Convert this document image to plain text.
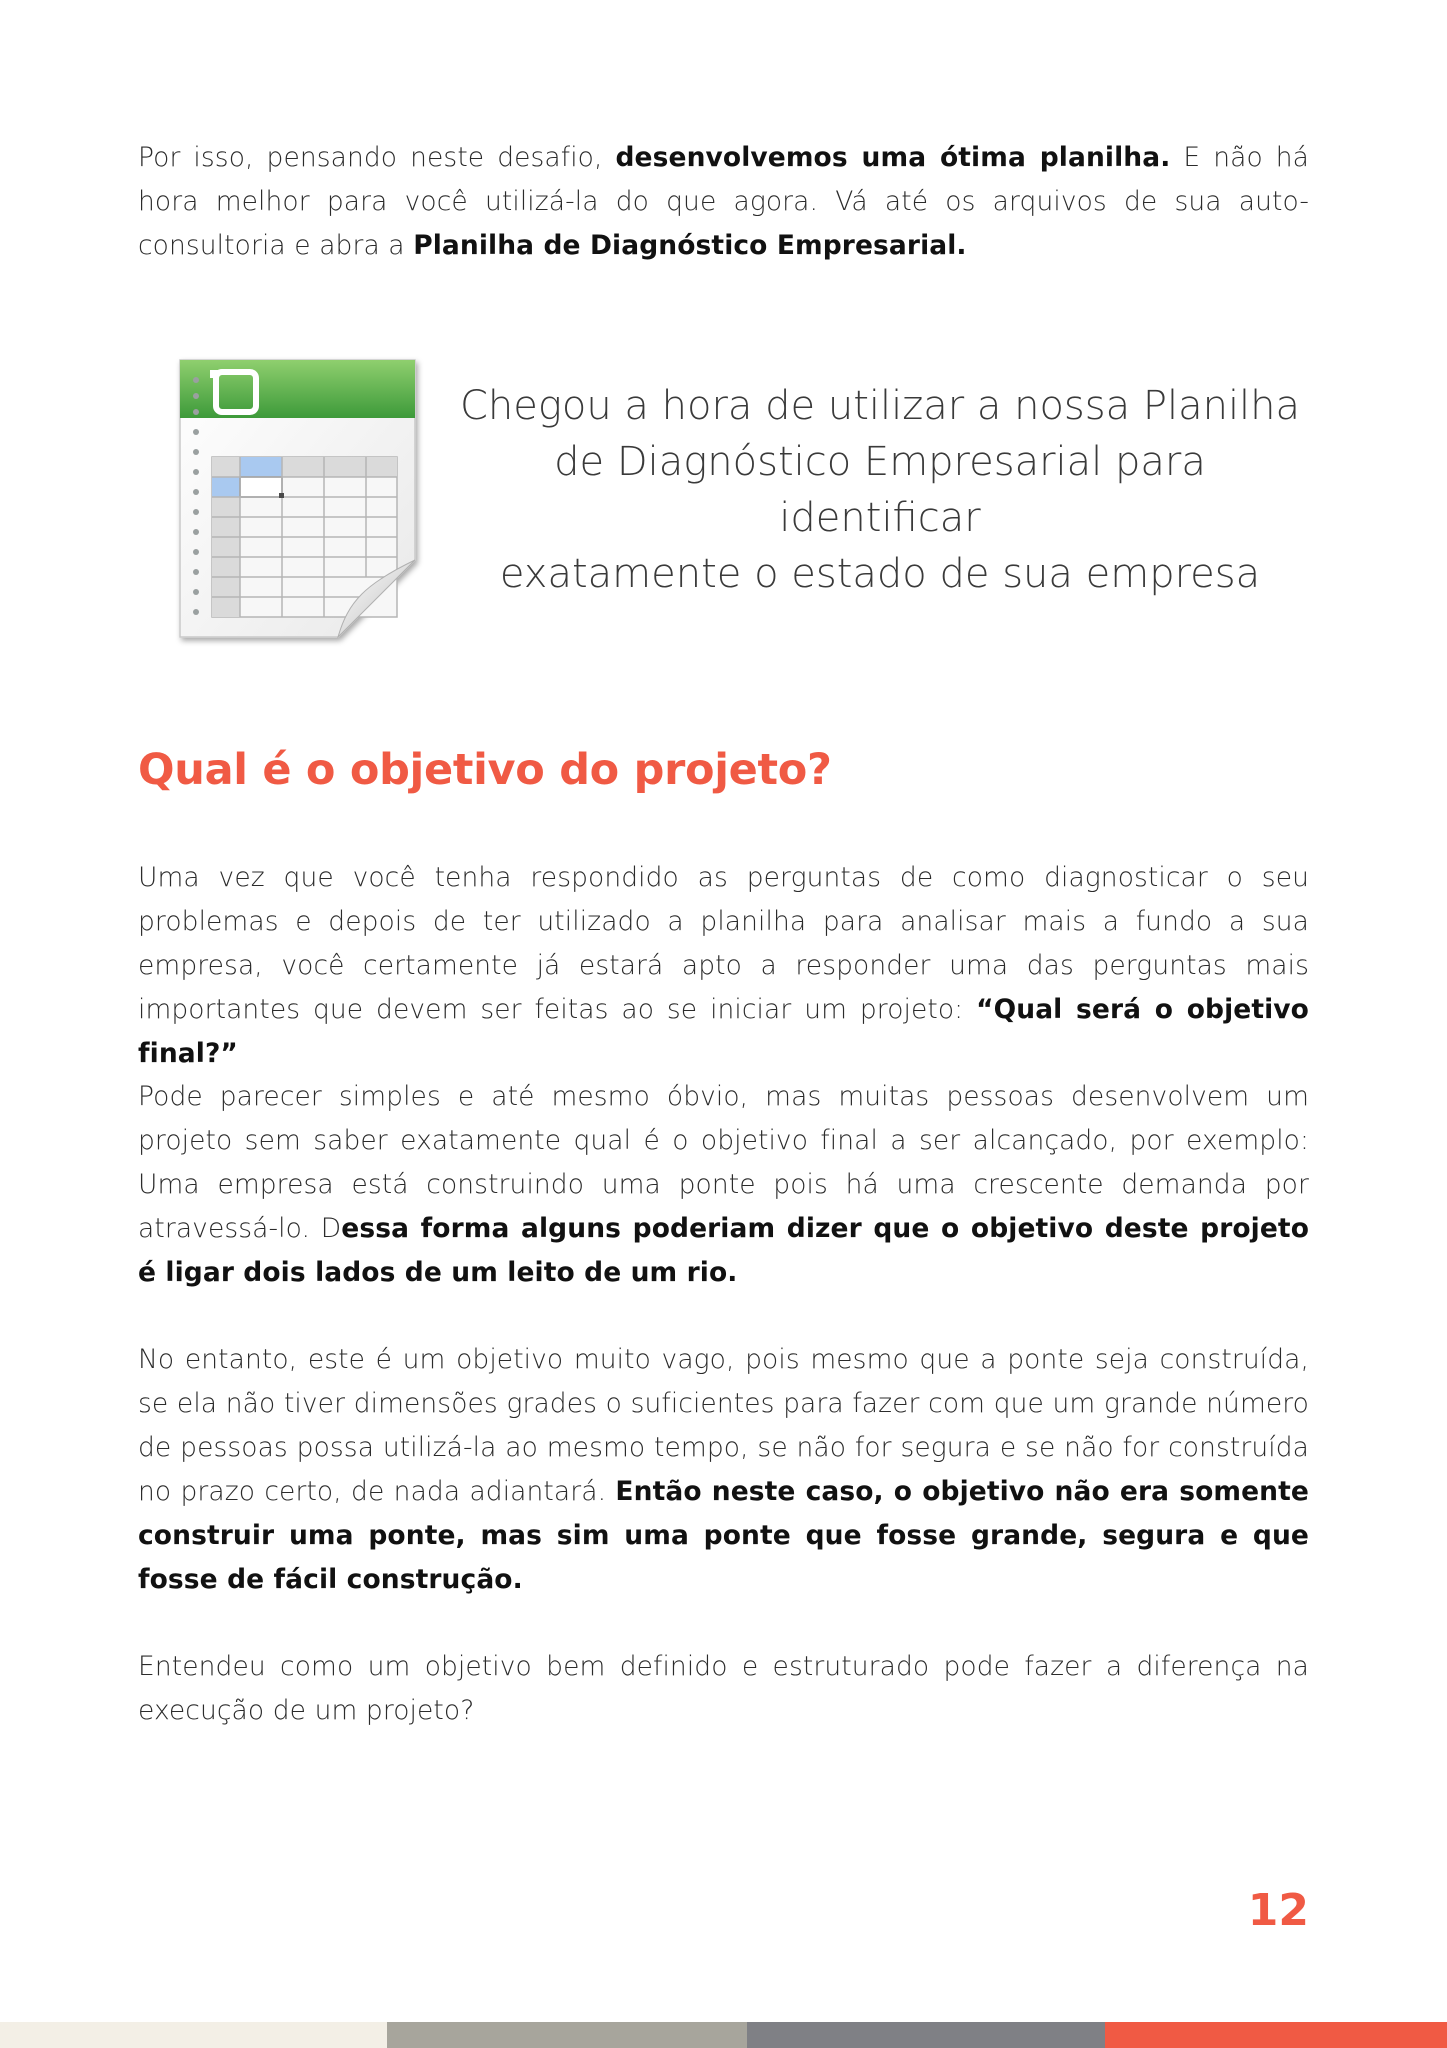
Por isso, pensando neste desafio, desenvolvemos uma ótima planilha. E não há hora melhor para você utilizá-la do que agora. Vá até os arquivos de sua auto-consultoria e abra a Planilha de Diagnóstico Empresarial.

Chegou a hora de utilizar a nossa Planilha
de Diagnóstico Empresarial para identificar
exatamente o estado de sua empresa
Qual é o objetivo do projeto?

Uma vez que você tenha respondido as perguntas de como diagnosticar o seu problemas e depois de ter utilizado a planilha para analisar mais a fundo a sua empresa, você certamente já estará apto a responder uma das perguntas mais importantes que devem ser feitas ao se iniciar um projeto: “Qual será o objetivo final?”

Pode parecer simples e até mesmo óbvio, mas muitas pessoas desenvolvem um projeto sem saber exatamente qual é o objetivo final a ser alcançado, por exemplo: Uma empresa está construindo uma ponte pois há uma crescente demanda por atravessá-lo. Dessa forma alguns poderiam dizer que o objetivo deste projeto é ligar dois lados de um leito de um rio.

No entanto, este é um objetivo muito vago, pois mesmo que a ponte seja construída, se ela não tiver dimensões grades o suficientes para fazer com que um grande número de pessoas possa utilizá-la ao mesmo tempo, se não for segura e se não for construída no prazo certo, de nada adiantará. Então neste caso, o objetivo não era somente construir uma ponte, mas sim uma ponte que fosse grande, segura e que fosse de fácil construção.

Entendeu como um objetivo bem definido e estruturado pode fazer a diferença na execução de um projeto?

12
